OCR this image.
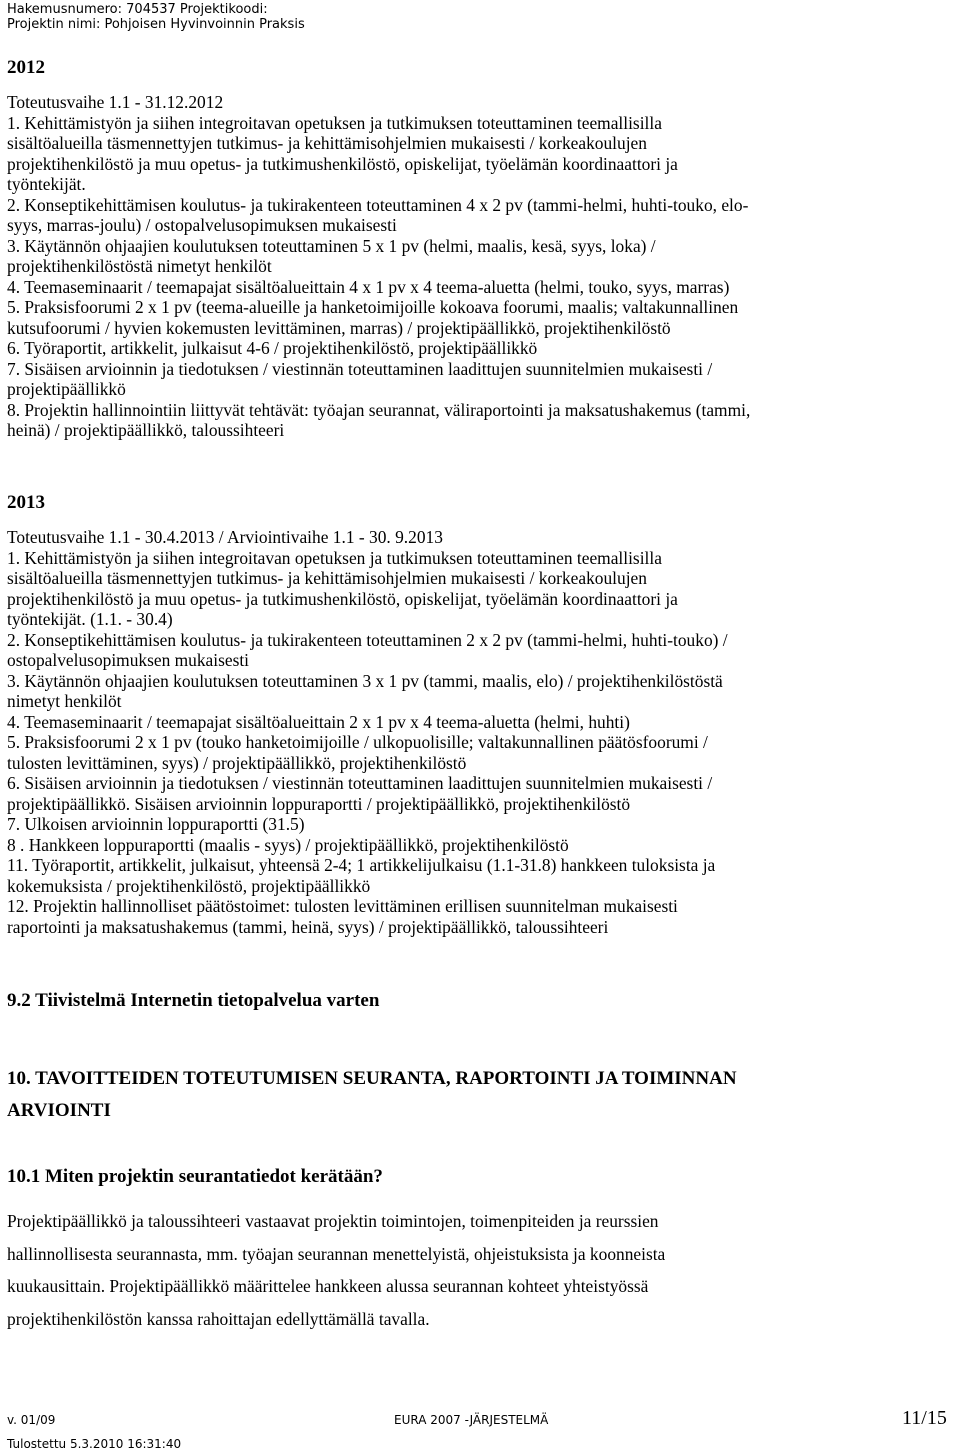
Hakemusnumero: 704537 Projektikoodi:
Projektin nimi: Pohjoisen Hyvinvoinnin Praksis
2012
Toteutusvaihe 1.1 - 31.12.2012
1. Kehittämistyön ja siihen integroitavan opetuksen ja tutkimuksen toteuttaminen teemallisilla
sisältöalueilla täsmennettyjen tutkimus- ja kehittämisohjelmien mukaisesti / korkeakoulujen
projektihenkilöstö ja muu opetus- ja tutkimushenkilöstö, opiskelijat, työelämän koordinaattori ja
työntekijät.
2. Konseptikehittämisen koulutus- ja tukirakenteen toteuttaminen 4 x 2 pv (tammi-helmi, huhti-touko, elo-
syys, marras-joulu) / ostopalvelusopimuksen mukaisesti
3. Käytännön ohjaajien koulutuksen toteuttaminen 5 x 1 pv (helmi, maalis, kesä, syys, loka) /
projektihenkilöstöstä nimetyt henkilöt
4. Teemaseminaarit / teemapajat sisältöalueittain 4 x 1 pv x 4 teema-aluetta (helmi, touko, syys, marras)
5. Praksisfoorumi 2 x 1 pv (teema-alueille ja hanketoimijoille kokoava foorumi, maalis; valtakunnallinen
kutsufoorumi / hyvien kokemusten levittäminen, marras) / projektipäällikkö, projektihenkilöstö
6. Työraportit, artikkelit, julkaisut 4-6 / projektihenkilöstö, projektipäällikkö
7. Sisäisen arvioinnin ja tiedotuksen / viestinnän toteuttaminen laadittujen suunnitelmien mukaisesti /
projektipäällikkö
8. Projektin hallinnointiin liittyvät tehtävät: työajan seurannat, väliraportointi ja maksatushakemus (tammi,
heinä) / projektipäällikkö, taloussihteeri
2013
Toteutusvaihe 1.1 - 30.4.2013 / Arviointivaihe 1.1 - 30. 9.2013
1. Kehittämistyön ja siihen integroitavan opetuksen ja tutkimuksen toteuttaminen teemallisilla
sisältöalueilla täsmennettyjen tutkimus- ja kehittämisohjelmien mukaisesti / korkeakoulujen
projektihenkilöstö ja muu opetus- ja tutkimushenkilöstö, opiskelijat, työelämän koordinaattori ja
työntekijät. (1.1. - 30.4)
2. Konseptikehittämisen koulutus- ja tukirakenteen toteuttaminen 2 x 2 pv (tammi-helmi, huhti-touko) /
ostopalvelusopimuksen mukaisesti
3. Käytännön ohjaajien koulutuksen toteuttaminen 3 x 1 pv (tammi, maalis, elo) / projektihenkilöstöstä
nimetyt henkilöt
4. Teemaseminaarit / teemapajat sisältöalueittain 2 x 1 pv x 4 teema-aluetta (helmi, huhti)
5. Praksisfoorumi 2 x 1 pv (touko hanketoimijoille / ulkopuolisille; valtakunnallinen päätösfoorumi /
tulosten levittäminen, syys) / projektipäällikkö, projektihenkilöstö
6. Sisäisen arvioinnin ja tiedotuksen / viestinnän toteuttaminen laadittujen suunnitelmien mukaisesti /
projektipäällikkö. Sisäisen arvioinnin loppuraportti / projektipäällikkö, projektihenkilöstö
7. Ulkoisen arvioinnin loppuraportti (31.5)
8 . Hankkeen loppuraportti (maalis - syys) / projektipäällikkö, projektihenkilöstö
11. Työraportit, artikkelit, julkaisut, yhteensä 2-4; 1 artikkelijulkaisu (1.1-31.8) hankkeen tuloksista ja
kokemuksista / projektihenkilöstö, projektipäällikkö
12. Projektin hallinnolliset päätöstoimet: tulosten levittäminen erillisen suunnitelman mukaisesti
raportointi ja maksatushakemus (tammi, heinä, syys) / projektipäällikkö, taloussihteeri
9.2 Tiivistelmä Internetin tietopalvelua varten
10. TAVOITTEIDEN TOTEUTUMISEN SEURANTA, RAPORTOINTI JA TOIMINNAN
ARVIOINTI
10.1 Miten projektin seurantatiedot kerätään?
Projektipäällikkö ja taloussihteeri vastaavat projektin toimintojen, toimenpiteiden ja reurssien
hallinnollisesta seurannasta, mm. työajan seurannan menettelyistä, ohjeistuksista ja koonneista
kuukausittain. Projektipäällikkö määrittelee hankkeen alussa seurannan kohteet yhteistyössä
projektihenkilöstön kanssa rahoittajan edellyttämällä tavalla.
v. 01/09	EURA 2007 -JÄRJESTELMÄ	11/15
Tulostettu 5.3.2010 16:31:40
